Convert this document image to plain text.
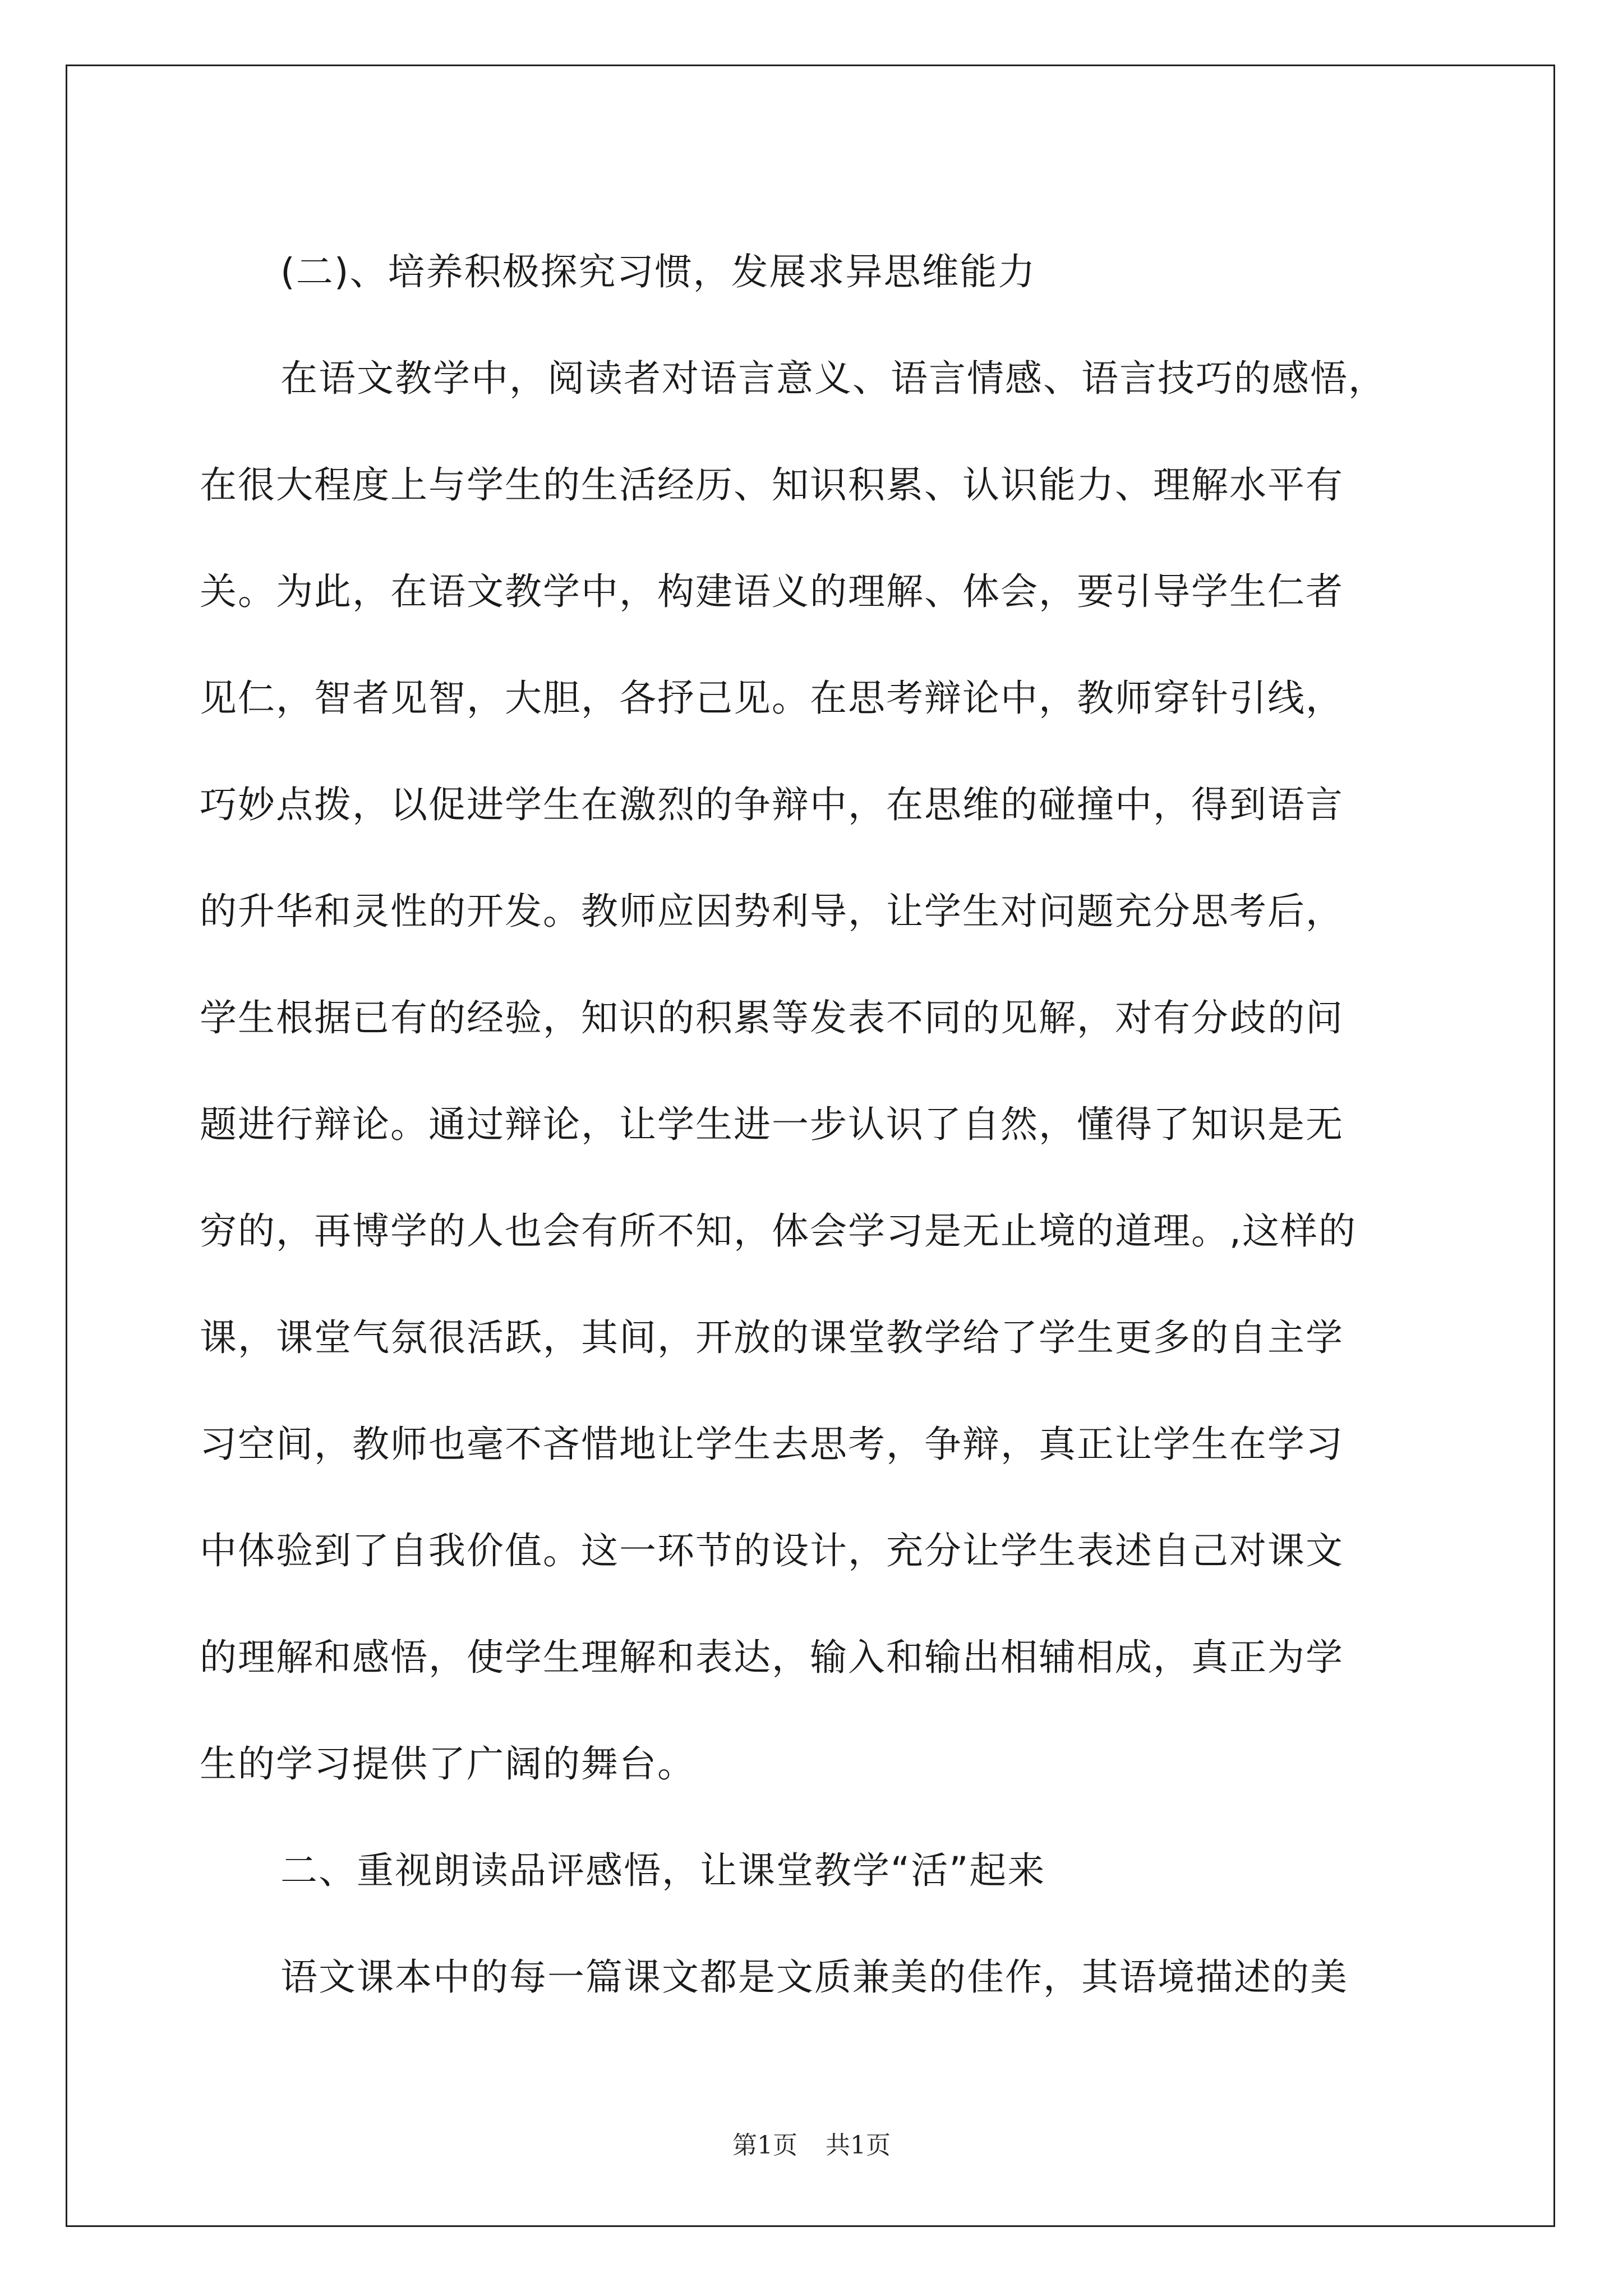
(二)、培养积极探究习惯，发展求异思维能力
在语文教学中，阅读者对语言意义、语言情感、语言技巧的感悟，
在很大程度上与学生的生活经历、知识积累、认识能力、理解水平有
关。为此，在语文教学中，构建语义的理解、体会，要引导学生仁者
见仁，智者见智，大胆，各抒己见。在思考辩论中，教师穿针引线，
巧妙点拨，以促进学生在激烈的争辩中，在思维的碰撞中，得到语言
的升华和灵性的开发。教师应因势利导，让学生对问题充分思考后，
学生根据已有的经验，知识的积累等发表不同的见解，对有分歧的问
题进行辩论。通过辩论，让学生进一步认识了自然，懂得了知识是无
穷的，再博学的人也会有所不知，体会学习是无止境的道理。,这样的
课，课堂气氛很活跃，其间，开放的课堂教学给了学生更多的自主学
习空间，教师也毫不吝惜地让学生去思考，争辩，真正让学生在学习
中体验到了自我价值。这一环节的设计，充分让学生表述自己对课文
的理解和感悟，使学生理解和表达，输入和输出相辅相成，真正为学
生的学习提供了广阔的舞台。
二、重视朗读品评感悟，让课堂教学“活”起来
语文课本中的每一篇课文都是文质兼美的佳作，其语境描述的美
第1页 共1页
